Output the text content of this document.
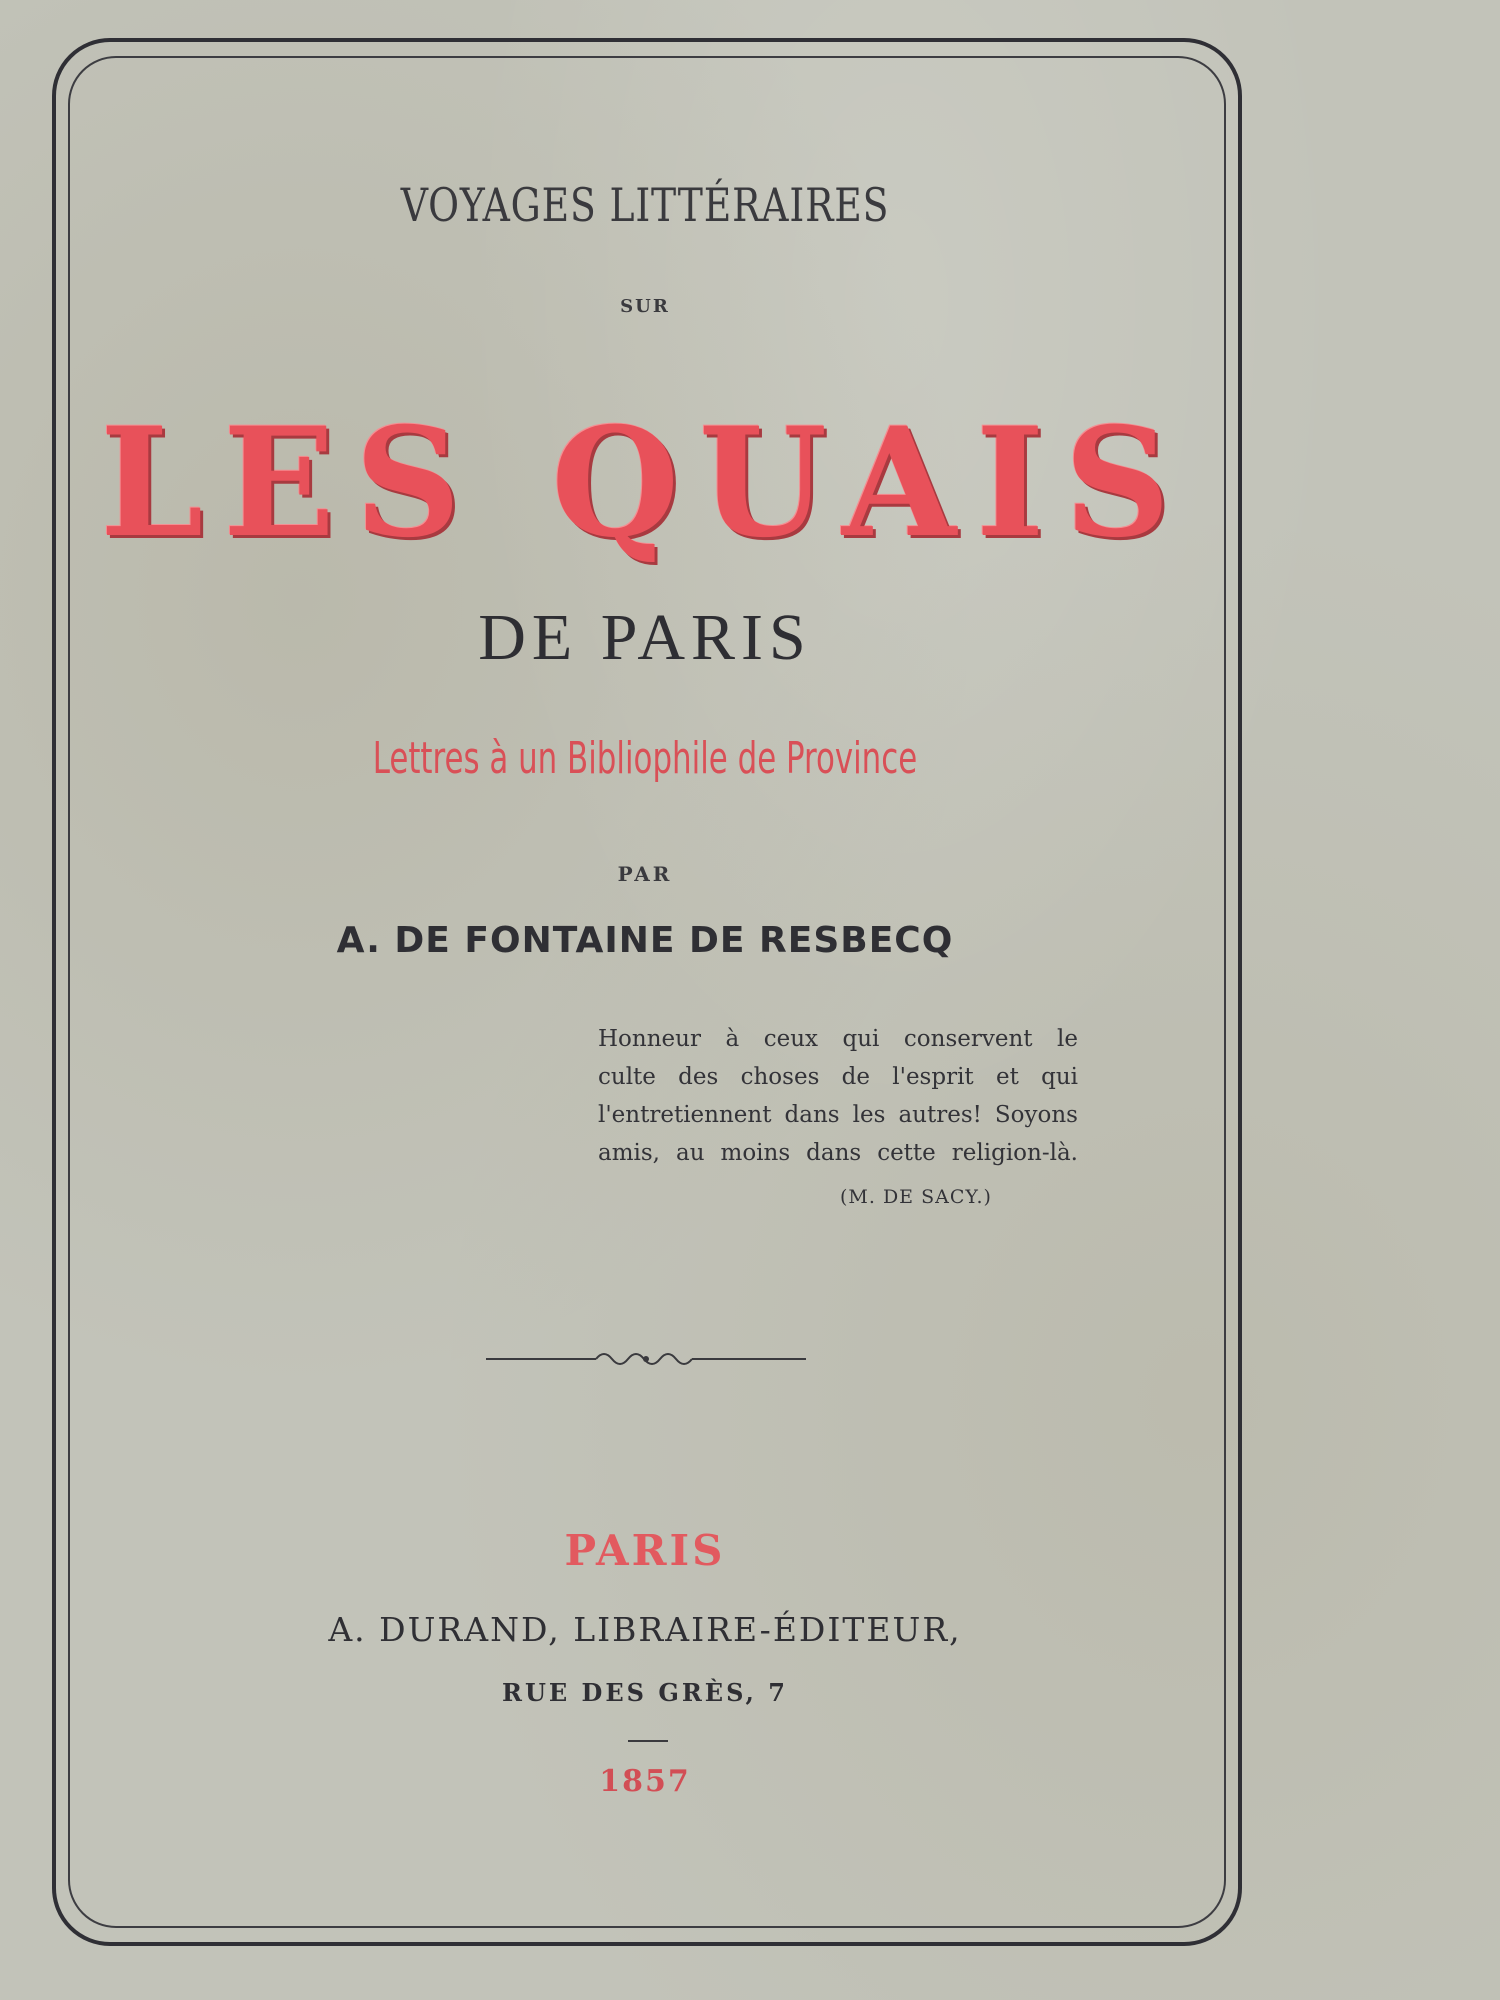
VOYAGES LITTÉRAIRES
SUR
LES QUAIS
DE PARIS
Lettres à un Bibliophile de Province
PAR
A. DE FONTAINE DE RESBECQ
Honneur à ceux qui conservent le
culte des choses de l'esprit et qui
l'entretiennent dans les autres! Soyons
amis, au moins dans cette religion-là.
(M. DE SACY.)
PARIS
A. DURAND, LIBRAIRE-ÉDITEUR,
RUE DES GRÈS, 7
1857
